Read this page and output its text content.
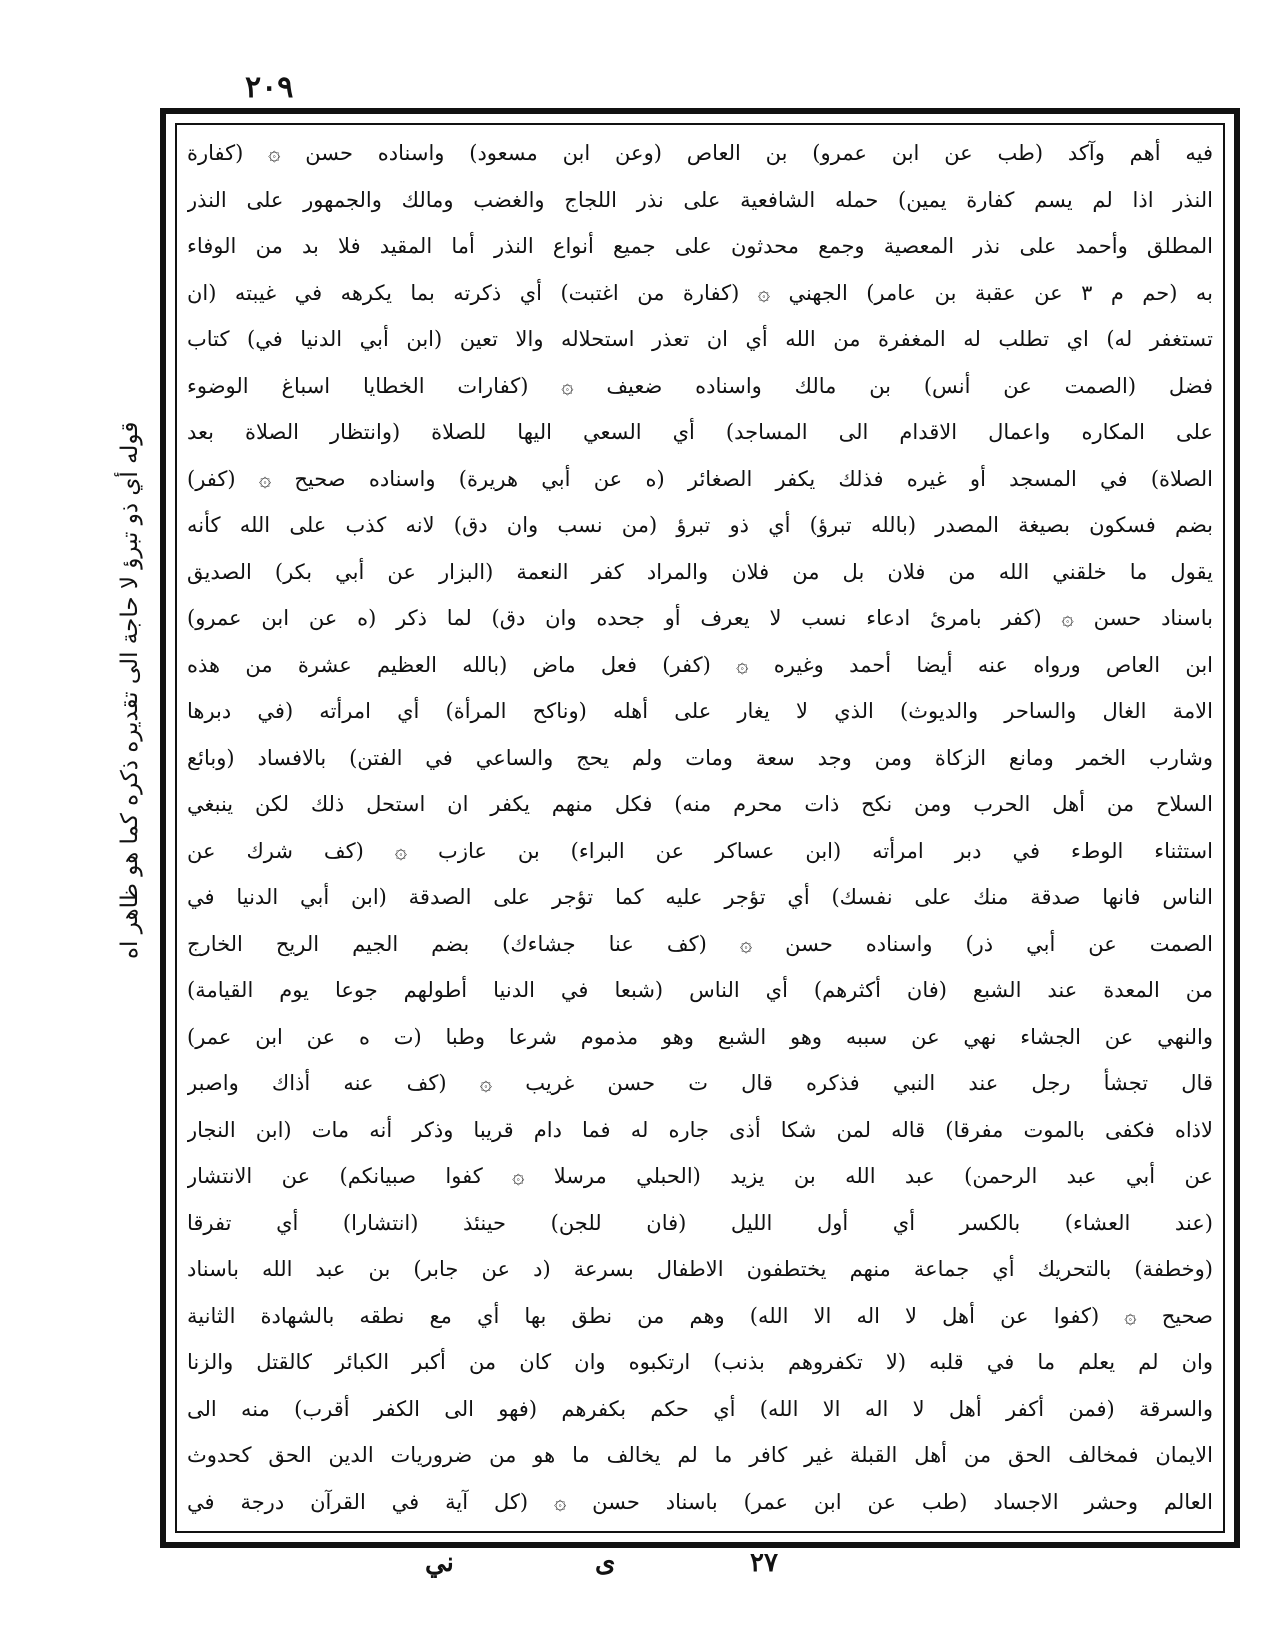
٢٠٩
فيه أهم وآكد (طب عن ابن عمرو) بن العاص (وعن ابن مسعود) واسناده حسن ۞ (كفارة
النذر اذا لم يسم كفارة يمين) حمله الشافعية على نذر اللجاج والغضب ومالك والجمهور على النذر
المطلق وأحمد على نذر المعصية وجمع محدثون على جميع أنواع النذر أما المقيد فلا بد من الوفاء
به (حم م ٣ عن عقبة بن عامر) الجهني ۞ (كفارة من اغتبت) أي ذكرته بما يكرهه في غيبته (ان
تستغفر له) اي تطلب له المغفرة من الله أي ان تعذر استحلاله والا تعين (ابن أبي الدنيا في) كتاب
فضل (الصمت عن أنس) بن مالك واسناده ضعيف ۞ (كفارات الخطايا اسباغ الوضوء
على المكاره واعمال الاقدام الى المساجد) أي السعي اليها للصلاة (وانتظار الصلاة بعد
الصلاة) في المسجد أو غيره فذلك يكفر الصغائر (ه عن أبي هريرة) واسناده صحيح ۞ (كفر)
بضم فسكون بصيغة المصدر (بالله تبرؤ) أي ذو تبرؤ (من نسب وان دق) لانه كذب على الله كأنه
يقول ما خلقني الله من فلان بل من فلان والمراد كفر النعمة (البزار عن أبي بكر) الصديق
باسناد حسن ۞ (كفر بامرئ ادعاء نسب لا يعرف أو جحده وان دق) لما ذكر (ه عن ابن عمرو)
ابن العاص ورواه عنه أيضا أحمد وغيره ۞ (كفر) فعل ماض (بالله العظيم عشرة من هذه
الامة الغال والساحر والديوث) الذي لا يغار على أهله (وناكح المرأة) أي امرأته (في دبرها
وشارب الخمر ومانع الزكاة ومن وجد سعة ومات ولم يحج والساعي في الفتن) بالافساد (وبائع
السلاح من أهل الحرب ومن نكح ذات محرم منه) فكل منهم يكفر ان استحل ذلك لكن ينبغي
استثناء الوطء في دبر امرأته (ابن عساكر عن البراء) بن عازب ۞ (كف شرك عن
الناس فانها صدقة منك على نفسك) أي تؤجر عليه كما تؤجر على الصدقة (ابن أبي الدنيا في
الصمت عن أبي ذر) واسناده حسن ۞ (كف عنا جشاءك) بضم الجيم الريح الخارج
من المعدة عند الشبع (فان أكثرهم) أي الناس (شبعا في الدنيا أطولهم جوعا يوم القيامة)
والنهي عن الجشاء نهي عن سببه وهو الشبع وهو مذموم شرعا وطبا (ت ه عن ابن عمر)
قال تجشأ رجل عند النبي فذكره قال ت حسن غريب ۞ (كف عنه أذاك واصبر
لاذاه فكفى بالموت مفرقا) قاله لمن شكا أذى جاره له فما دام قريبا وذكر أنه مات (ابن النجار
عن أبي عبد الرحمن) عبد الله بن يزيد (الحبلي مرسلا ۞ كفوا صبيانكم) عن الانتشار
(عند العشاء) بالكسر أي أول الليل (فان للجن) حينئذ (انتشارا) أي تفرقا
(وخطفة) بالتحريك أي جماعة منهم يختطفون الاطفال بسرعة (د عن جابر) بن عبد الله باسناد
صحيح ۞ (كفوا عن أهل لا اله الا الله) وهم من نطق بها أي مع نطقه بالشهادة الثانية
وان لم يعلم ما في قلبه (لا تكفروهم بذنب) ارتكبوه وان كان من أكبر الكبائر كالقتل والزنا
والسرقة (فمن أكفر أهل لا اله الا الله) أي حكم بكفرهم (فهو الى الكفر أقرب) منه الى
الايمان فمخالف الحق من أهل القبلة غير كافر ما لم يخالف ما هو من ضروريات الدين الحق كحدوث
العالم وحشر الاجساد (طب عن ابن عمر) باسناد حسن ۞ (كل آية في القرآن درجة في
قوله أي ذو تبرؤ لا حاجة الى تقديره ذكره كما هو ظاهر اه
ني	ى	٢٧
